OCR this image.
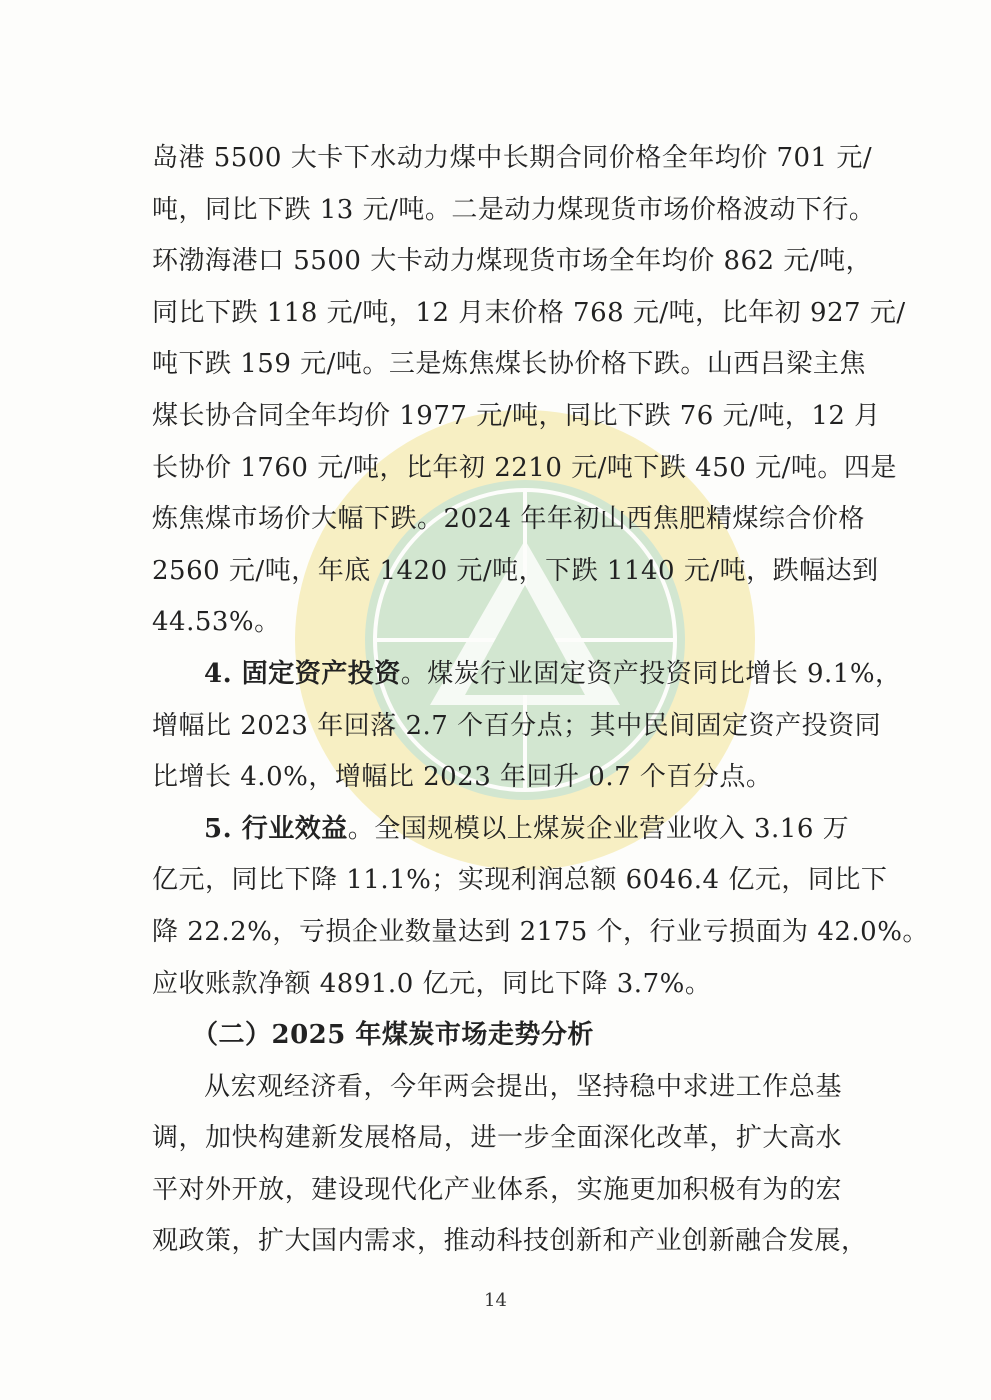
岛港 5500 大卡下水动力煤中长期合同价格全年均价 701 元/
吨，同比下跌 13 元/吨。二是动力煤现货市场价格波动下行。
环渤海港口 5500 大卡动力煤现货市场全年均价 862 元/吨，
同比下跌 118 元/吨，12 月末价格 768 元/吨，比年初 927 元/
吨下跌 159 元/吨。三是炼焦煤长协价格下跌。山西吕梁主焦
煤长协合同全年均价 1977 元/吨，同比下跌 76 元/吨，12 月
长协价 1760 元/吨，比年初 2210 元/吨下跌 450 元/吨。四是
炼焦煤市场价大幅下跌。2024 年年初山西焦肥精煤综合价格
2560 元/吨，年底 1420 元/吨，下跌 1140 元/吨，跌幅达到
44.53%。
4. 固定资产投资。煤炭行业固定资产投资同比增长 9.1%，
增幅比 2023 年回落 2.7 个百分点；其中民间固定资产投资同
比增长 4.0%，增幅比 2023 年回升 0.7 个百分点。
5. 行业效益。全国规模以上煤炭企业营业收入 3.16 万
亿元，同比下降 11.1%；实现利润总额 6046.4 亿元，同比下
降 22.2%，亏损企业数量达到 2175 个，行业亏损面为 42.0%。
应收账款净额 4891.0 亿元，同比下降 3.7%。
（二）2025 年煤炭市场走势分析
从宏观经济看，今年两会提出，坚持稳中求进工作总基
调，加快构建新发展格局，进一步全面深化改革，扩大高水
平对外开放，建设现代化产业体系，实施更加积极有为的宏
观政策，扩大国内需求，推动科技创新和产业创新融合发展，
14
